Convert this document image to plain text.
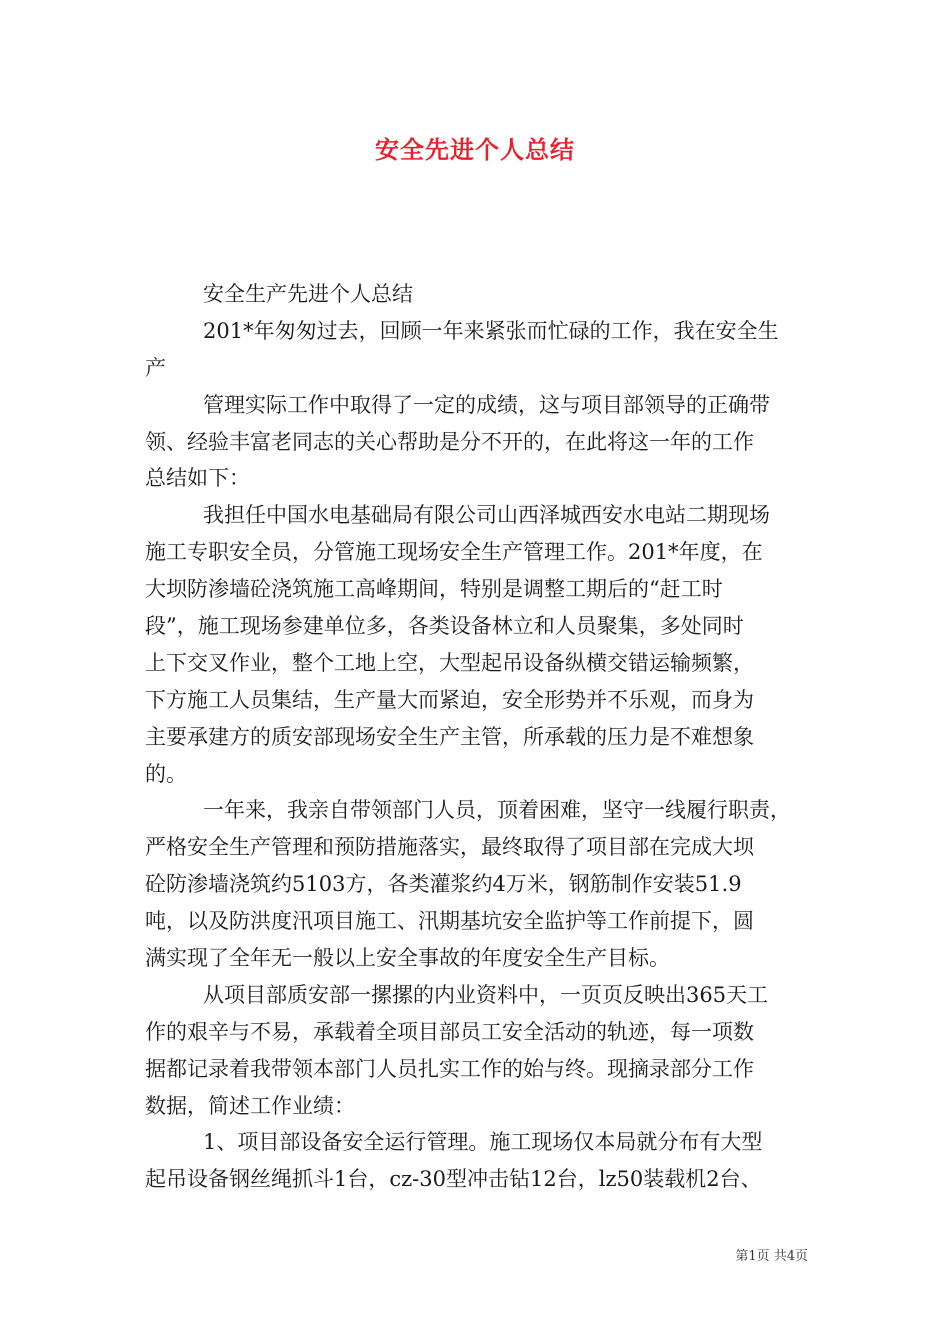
安全先进个人总结
安全生产先进个人总结
201*年匆匆过去，回顾一年来紧张而忙碌的工作，我在安全生
产
管理实际工作中取得了一定的成绩，这与项目部领导的正确带
领、经验丰富老同志的关心帮助是分不开的，在此将这一年的工作
总结如下：
我担任中国水电基础局有限公司山西泽城西安水电站二期现场
施工专职安全员，分管施工现场安全生产管理工作。201*年度，在
大坝防渗墙砼浇筑施工高峰期间，特别是调整工期后的“赶工时
段”，施工现场参建单位多，各类设备林立和人员聚集，多处同时
上下交叉作业，整个工地上空，大型起吊设备纵横交错运输频繁，
下方施工人员集结，生产量大而紧迫，安全形势并不乐观，而身为
主要承建方的质安部现场安全生产主管，所承载的压力是不难想象
的。
一年来，我亲自带领部门人员，顶着困难，坚守一线履行职责，
严格安全生产管理和预防措施落实，最终取得了项目部在完成大坝
砼防渗墙浇筑约5103方，各类灌浆约4万米，钢筋制作安装51.9
吨，以及防洪度汛项目施工、汛期基坑安全监护等工作前提下，圆
满实现了全年无一般以上安全事故的年度安全生产目标。
从项目部质安部一摞摞的内业资料中，一页页反映出365天工
作的艰辛与不易，承载着全项目部员工安全活动的轨迹，每一项数
据都记录着我带领本部门人员扎实工作的始与终。现摘录部分工作
数据，简述工作业绩：
1、项目部设备安全运行管理。施工现场仅本局就分布有大型
起吊设备钢丝绳抓斗1台，cz-30型冲击钻12台，lz50装载机2台、
第1页 共4页
